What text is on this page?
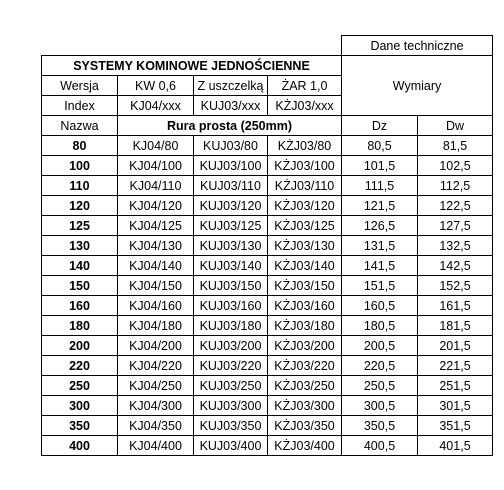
				Dane techniczne	
SYSTEMY KOMINOWE JEDNOŚCIENNE				Wymiary	
Wersja	KW 0,6	Z uszczelką	ŻAR 1,0		
Index	KJ04/xxx	KUJ03/xxx	KŻJ03/xxx		
Nazwa	Rura prosta (250mm)			Dz	Dw
80	KJ04/80	KUJ03/80	KŻJ03/80	80,5	81,5
100	KJ04/100	KUJ03/100	KŻJ03/100	101,5	102,5
110	KJ04/110	KUJ03/110	KŻJ03/110	111,5	112,5
120	KJ04/120	KUJ03/120	KŻJ03/120	121,5	122,5
125	KJ04/125	KUJ03/125	KŻJ03/125	126,5	127,5
130	KJ04/130	KUJ03/130	KŻJ03/130	131,5	132,5
140	KJ04/140	KUJ03/140	KŻJ03/140	141,5	142,5
150	KJ04/150	KUJ03/150	KŻJ03/150	151,5	152,5
160	KJ04/160	KUJ03/160	KŻJ03/160	160,5	161,5
180	KJ04/180	KUJ03/180	KŻJ03/180	180,5	181,5
200	KJ04/200	KUJ03/200	KŻJ03/200	200,5	201,5
220	KJ04/220	KUJ03/220	KŻJ03/220	220,5	221,5
250	KJ04/250	KUJ03/250	KŻJ03/250	250,5	251,5
300	KJ04/300	KUJ03/300	KŻJ03/300	300,5	301,5
350	KJ04/350	KUJ03/350	KŻJ03/350	350,5	351,5
400	KJ04/400	KUJ03/400	KŻJ03/400	400,5	401,5
